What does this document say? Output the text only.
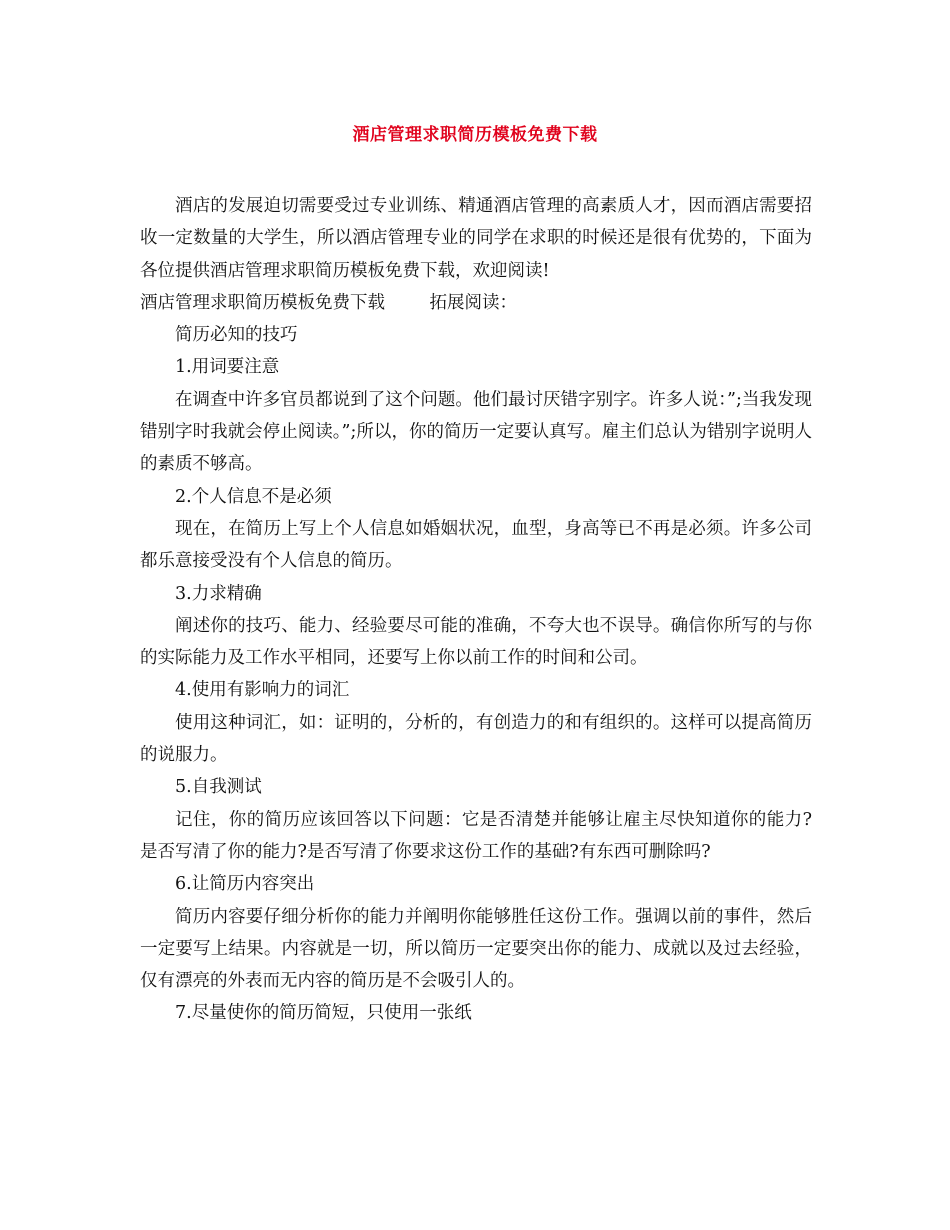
酒店管理求职简历模板免费下载

酒店的发展迫切需要受过专业训练、精通酒店管理的高素质人才，因而酒店需要招收一定数量的大学生，所以酒店管理专业的同学在求职的时候还是很有优势的，下面为各位提供酒店管理求职简历模板免费下载，欢迎阅读!

酒店管理求职简历模板免费下载        拓展阅读：

简历必知的技巧

1.用词要注意

在调查中许多官员都说到了这个问题。他们最讨厌错字别字。许多人说：”;当我发现错别字时我就会停止阅读。”;所以，你的简历一定要认真写。雇主们总认为错别字说明人的素质不够高。

2.个人信息不是必须

现在，在简历上写上个人信息如婚姻状况，血型，身高等已不再是必须。许多公司都乐意接受没有个人信息的简历。

3.力求精确

阐述你的技巧、能力、经验要尽可能的准确，不夸大也不误导。确信你所写的与你的实际能力及工作水平相同，还要写上你以前工作的时间和公司。

4.使用有影响力的词汇

使用这种词汇，如：证明的，分析的，有创造力的和有组织的。这样可以提高简历的说服力。

5.自我测试

记住，你的简历应该回答以下问题：它是否清楚并能够让雇主尽快知道你的能力?是否写清了你的能力?是否写清了你要求这份工作的基础?有东西可删除吗?

6.让简历内容突出

简历内容要仔细分析你的能力并阐明你能够胜任这份工作。强调以前的事件，然后一定要写上结果。内容就是一切，所以简历一定要突出你的能力、成就以及过去经验，仅有漂亮的外表而无内容的简历是不会吸引人的。

7.尽量使你的简历简短，只使用一张纸
